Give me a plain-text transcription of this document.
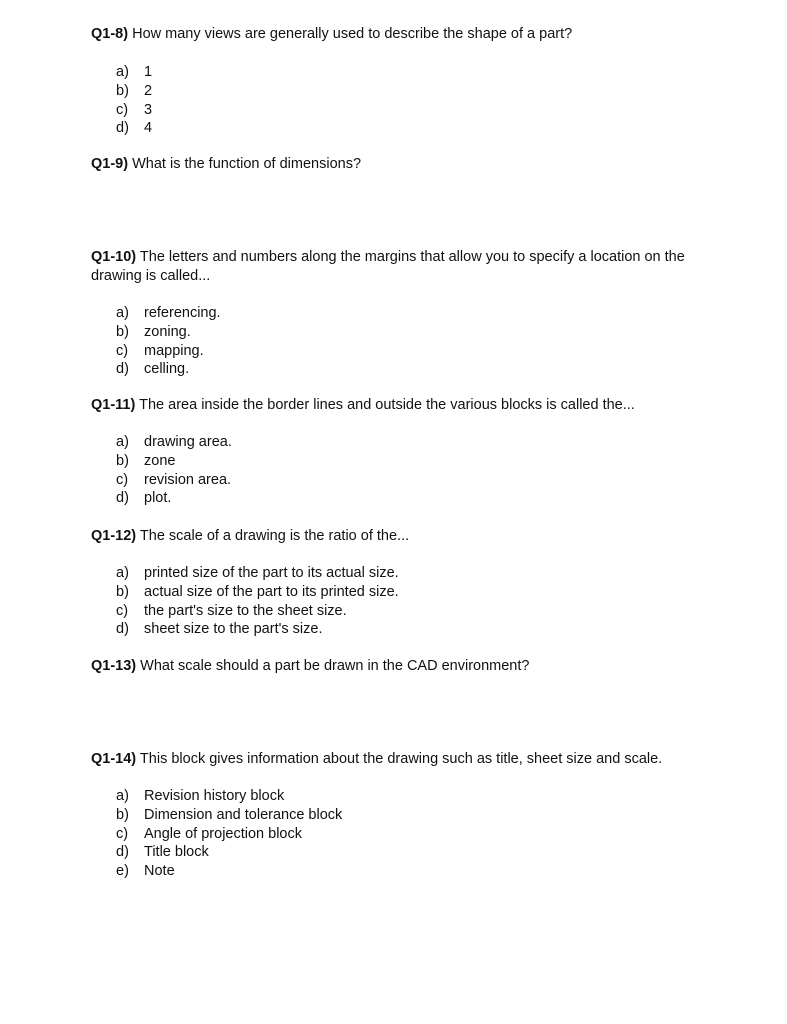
Q1-8) How many views are generally used to describe the shape of a part?
a)	1
b)	2
c)	3
d)	4
Q1-9) What is the function of dimensions?
Q1-10) The letters and numbers along the margins that allow you to specify a location on the drawing is called...
a)	referencing.
b)	zoning.
c)	mapping.
d)	celling.
Q1-11) The area inside the border lines and outside the various blocks is called the...
a)	drawing area.
b)	zone
c)	revision area.
d)	plot.
Q1-12) The scale of a drawing is the ratio of the...
a)	printed size of the part to its actual size.
b)	actual size of the part to its printed size.
c)	the part's size to the sheet size.
d)	sheet size to the part's size.
Q1-13) What scale should a part be drawn in the CAD environment?
Q1-14) This block gives information about the drawing such as title, sheet size and scale.
a)	Revision history block
b)	Dimension and tolerance block
c)	Angle of projection block
d)	Title block
e)	Note
